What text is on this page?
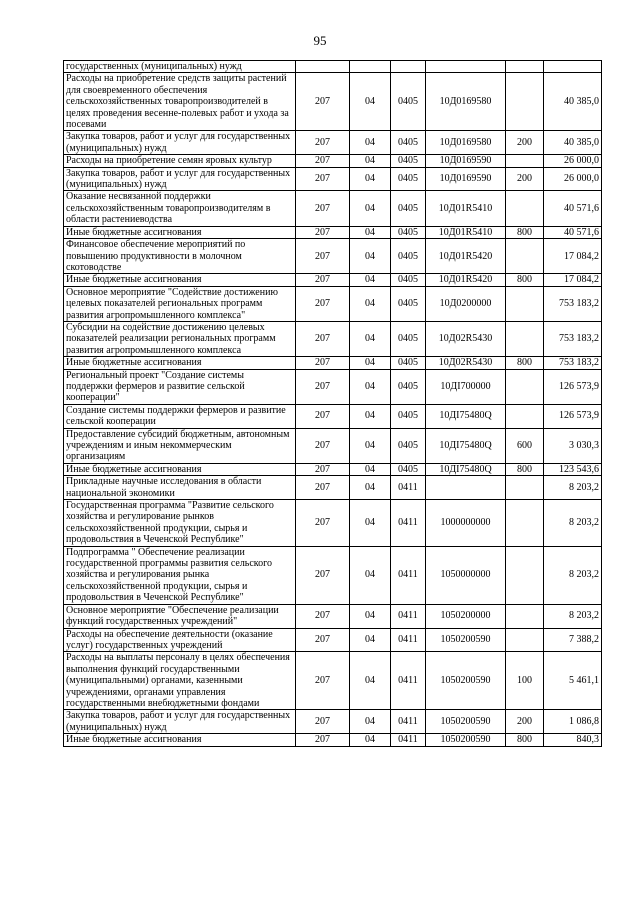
95
государственных (муниципальных) нужд						
Расходы на приобретение средств защиты растений для своевременного обеспечения сельскохозяйственных товаропроизводителей в целях проведения весенне-полевых работ и ухода за посевами	207	04	0405	10Д0169580		40 385,0
Закупка товаров, работ и услуг для государственных (муниципальных) нужд	207	04	0405	10Д0169580	200	40 385,0
Расходы на приобретение семян яровых культур	207	04	0405	10Д0169590		26 000,0
Закупка товаров, работ и услуг для государственных (муниципальных) нужд	207	04	0405	10Д0169590	200	26 000,0
Оказание несвязанной поддержки сельскохозяйственным товаропроизводителям в области растениеводства	207	04	0405	10Д01R5410		40 571,6
Иные бюджетные ассигнования	207	04	0405	10Д01R5410	800	40 571,6
Финансовое обеспечение мероприятий по повышению продуктивности в молочном скотоводстве	207	04	0405	10Д01R5420		17 084,2
Иные бюджетные ассигнования	207	04	0405	10Д01R5420	800	17 084,2
Основное мероприятие "Содействие достижению целевых показателей региональных программ развития агропромышленного комплекса"	207	04	0405	10Д0200000		753 183,2
Субсидии на содействие достижению целевых показателей реализации региональных программ развития агропромышленного комплекса	207	04	0405	10Д02R5430		753 183,2
Иные бюджетные ассигнования	207	04	0405	10Д02R5430	800	753 183,2
Региональный проект "Создание системы поддержки фермеров и развитие сельской кооперации"	207	04	0405	10ДI700000		126 573,9
Создание системы поддержки фермеров и развитие сельской кооперации	207	04	0405	10ДI75480Q		126 573,9
Предоставление субсидий бюджетным, автономным учреждениям и иным некоммерческим организациям	207	04	0405	10ДI75480Q	600	3 030,3
Иные бюджетные ассигнования	207	04	0405	10ДI75480Q	800	123 543,6
Прикладные научные исследования в области национальной экономики	207	04	0411			8 203,2
Государственная программа "Развитие сельского хозяйства и регулирование рынков сельскохозяйственной продукции, сырья и продовольствия в Чеченской Республике"	207	04	0411	1000000000		8 203,2
Подпрограмма " Обеспечение реализации государственной программы развития сельского хозяйства и регулирования рынка сельскохозяйственной продукции, сырья и продовольствия в Чеченской Республике"	207	04	0411	1050000000		8 203,2
Основное мероприятие "Обеспечение реализации функций государственных учреждений"	207	04	0411	1050200000		8 203,2
Расходы на обеспечение деятельности (оказание услуг) государственных учреждений	207	04	0411	1050200590		7 388,2
Расходы на выплаты персоналу в целях обеспечения выполнения функций государственными (муниципальными) органами, казенными учреждениями, органами управления государственными внебюджетными фондами	207	04	0411	1050200590	100	5 461,1
Закупка товаров, работ и услуг для государственных (муниципальных) нужд	207	04	0411	1050200590	200	1 086,8
Иные бюджетные ассигнования	207	04	0411	1050200590	800	840,3
